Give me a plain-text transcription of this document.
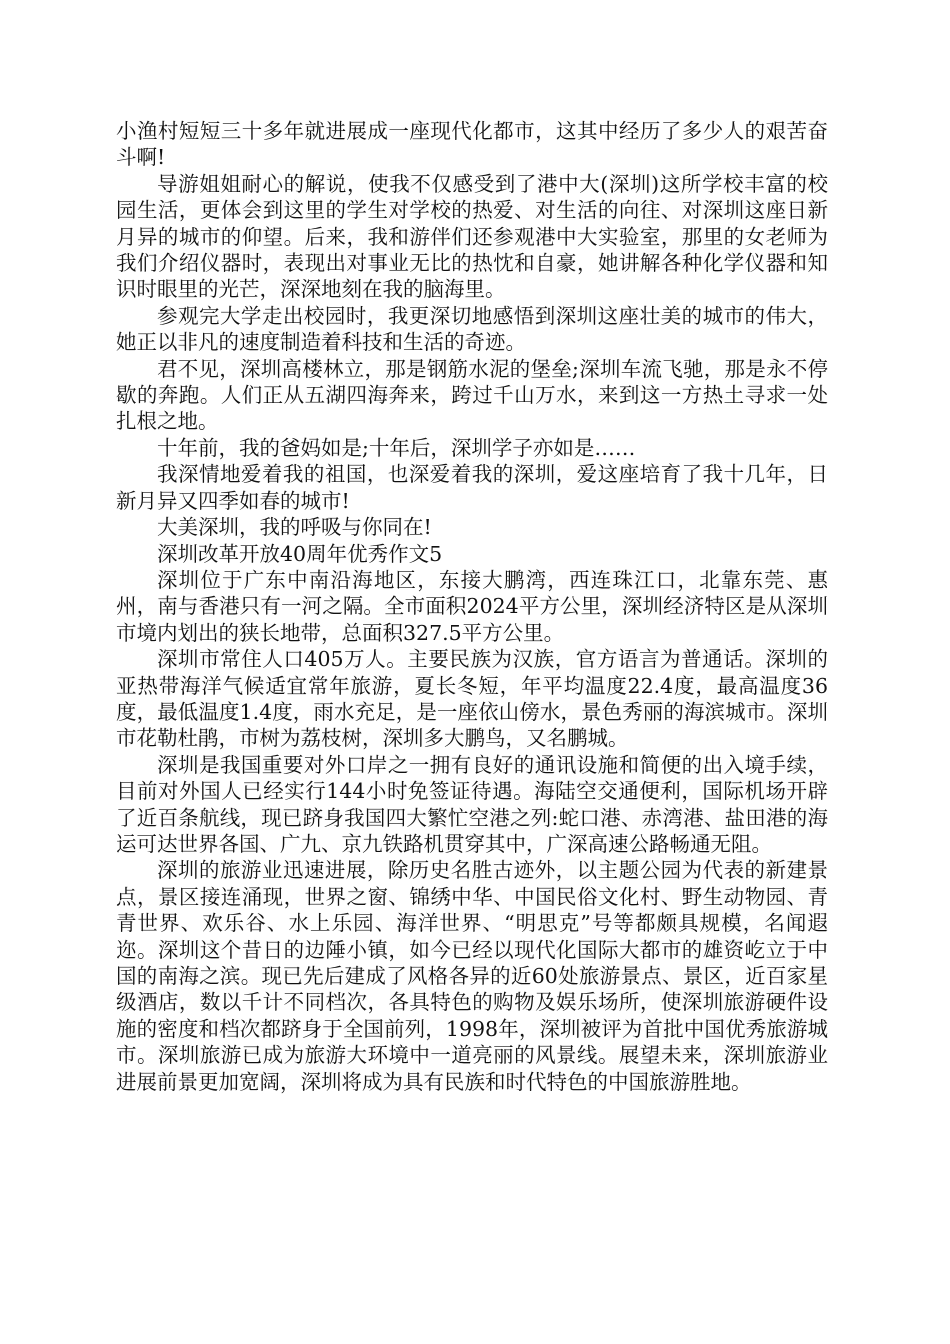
小渔村短短三十多年就进展成一座现代化都市，这其中经历了多少人的艰苦奋斗啊!

导游姐姐耐心的解说，使我不仅感受到了港中大(深圳)这所学校丰富的校园生活，更体会到这里的学生对学校的热爱、对生活的向往、对深圳这座日新月异的城市的仰望。后来，我和游伴们还参观港中大实验室，那里的女老师为我们介绍仪器时，表现出对事业无比的热忱和自豪，她讲解各种化学仪器和知识时眼里的光芒，深深地刻在我的脑海里。

参观完大学走出校园时，我更深切地感悟到深圳这座壮美的城市的伟大，她正以非凡的速度制造着科技和生活的奇迹。

君不见，深圳高楼林立，那是钢筋水泥的堡垒;深圳车流飞驰，那是永不停歇的奔跑。人们正从五湖四海奔来，跨过千山万水，来到这一方热土寻求一处扎根之地。

十年前，我的爸妈如是;十年后，深圳学子亦如是……

我深情地爱着我的祖国，也深爱着我的深圳，爱这座培育了我十几年，日新月异又四季如春的城市!

大美深圳，我的呼吸与你同在!

深圳改革开放40周年优秀作文5

深圳位于广东中南沿海地区，东接大鹏湾，西连珠江口，北靠东莞、惠州，南与香港只有一河之隔。全市面积2024平方公里，深圳经济特区是从深圳市境内划出的狭长地带，总面积327.5平方公里。

深圳市常住人口405万人。主要民族为汉族，官方语言为普通话。深圳的亚热带海洋气候适宜常年旅游，夏长冬短，年平均温度22.4度，最高温度36度，最低温度1.4度，雨水充足，是一座依山傍水，景色秀丽的海滨城市。深圳市花勒杜鹃，市树为荔枝树，深圳多大鹏鸟，又名鹏城。

深圳是我国重要对外口岸之一拥有良好的通讯设施和简便的出入境手续，目前对外国人已经实行144小时免签证待遇。海陆空交通便利，国际机场开辟了近百条航线，现已跻身我国四大繁忙空港之列:蛇口港、赤湾港、盐田港的海运可达世界各国、广九、京九铁路机贯穿其中，广深高速公路畅通无阻。

深圳的旅游业迅速进展，除历史名胜古迹外，以主题公园为代表的新建景点，景区接连涌现，世界之窗、锦绣中华、中国民俗文化村、野生动物园、青青世界、欢乐谷、水上乐园、海洋世界、“明思克”号等都颇具规模，名闻遐迩。深圳这个昔日的边陲小镇，如今已经以现代化国际大都市的雄资屹立于中国的南海之滨。现已先后建成了风格各异的近60处旅游景点、景区，近百家星级酒店，数以千计不同档次，各具特色的购物及娱乐场所，使深圳旅游硬件设施的密度和档次都跻身于全国前列，1998年，深圳被评为首批中国优秀旅游城市。深圳旅游已成为旅游大环境中一道亮丽的风景线。展望未来，深圳旅游业进展前景更加宽阔，深圳将成为具有民族和时代特色的中国旅游胜地。
